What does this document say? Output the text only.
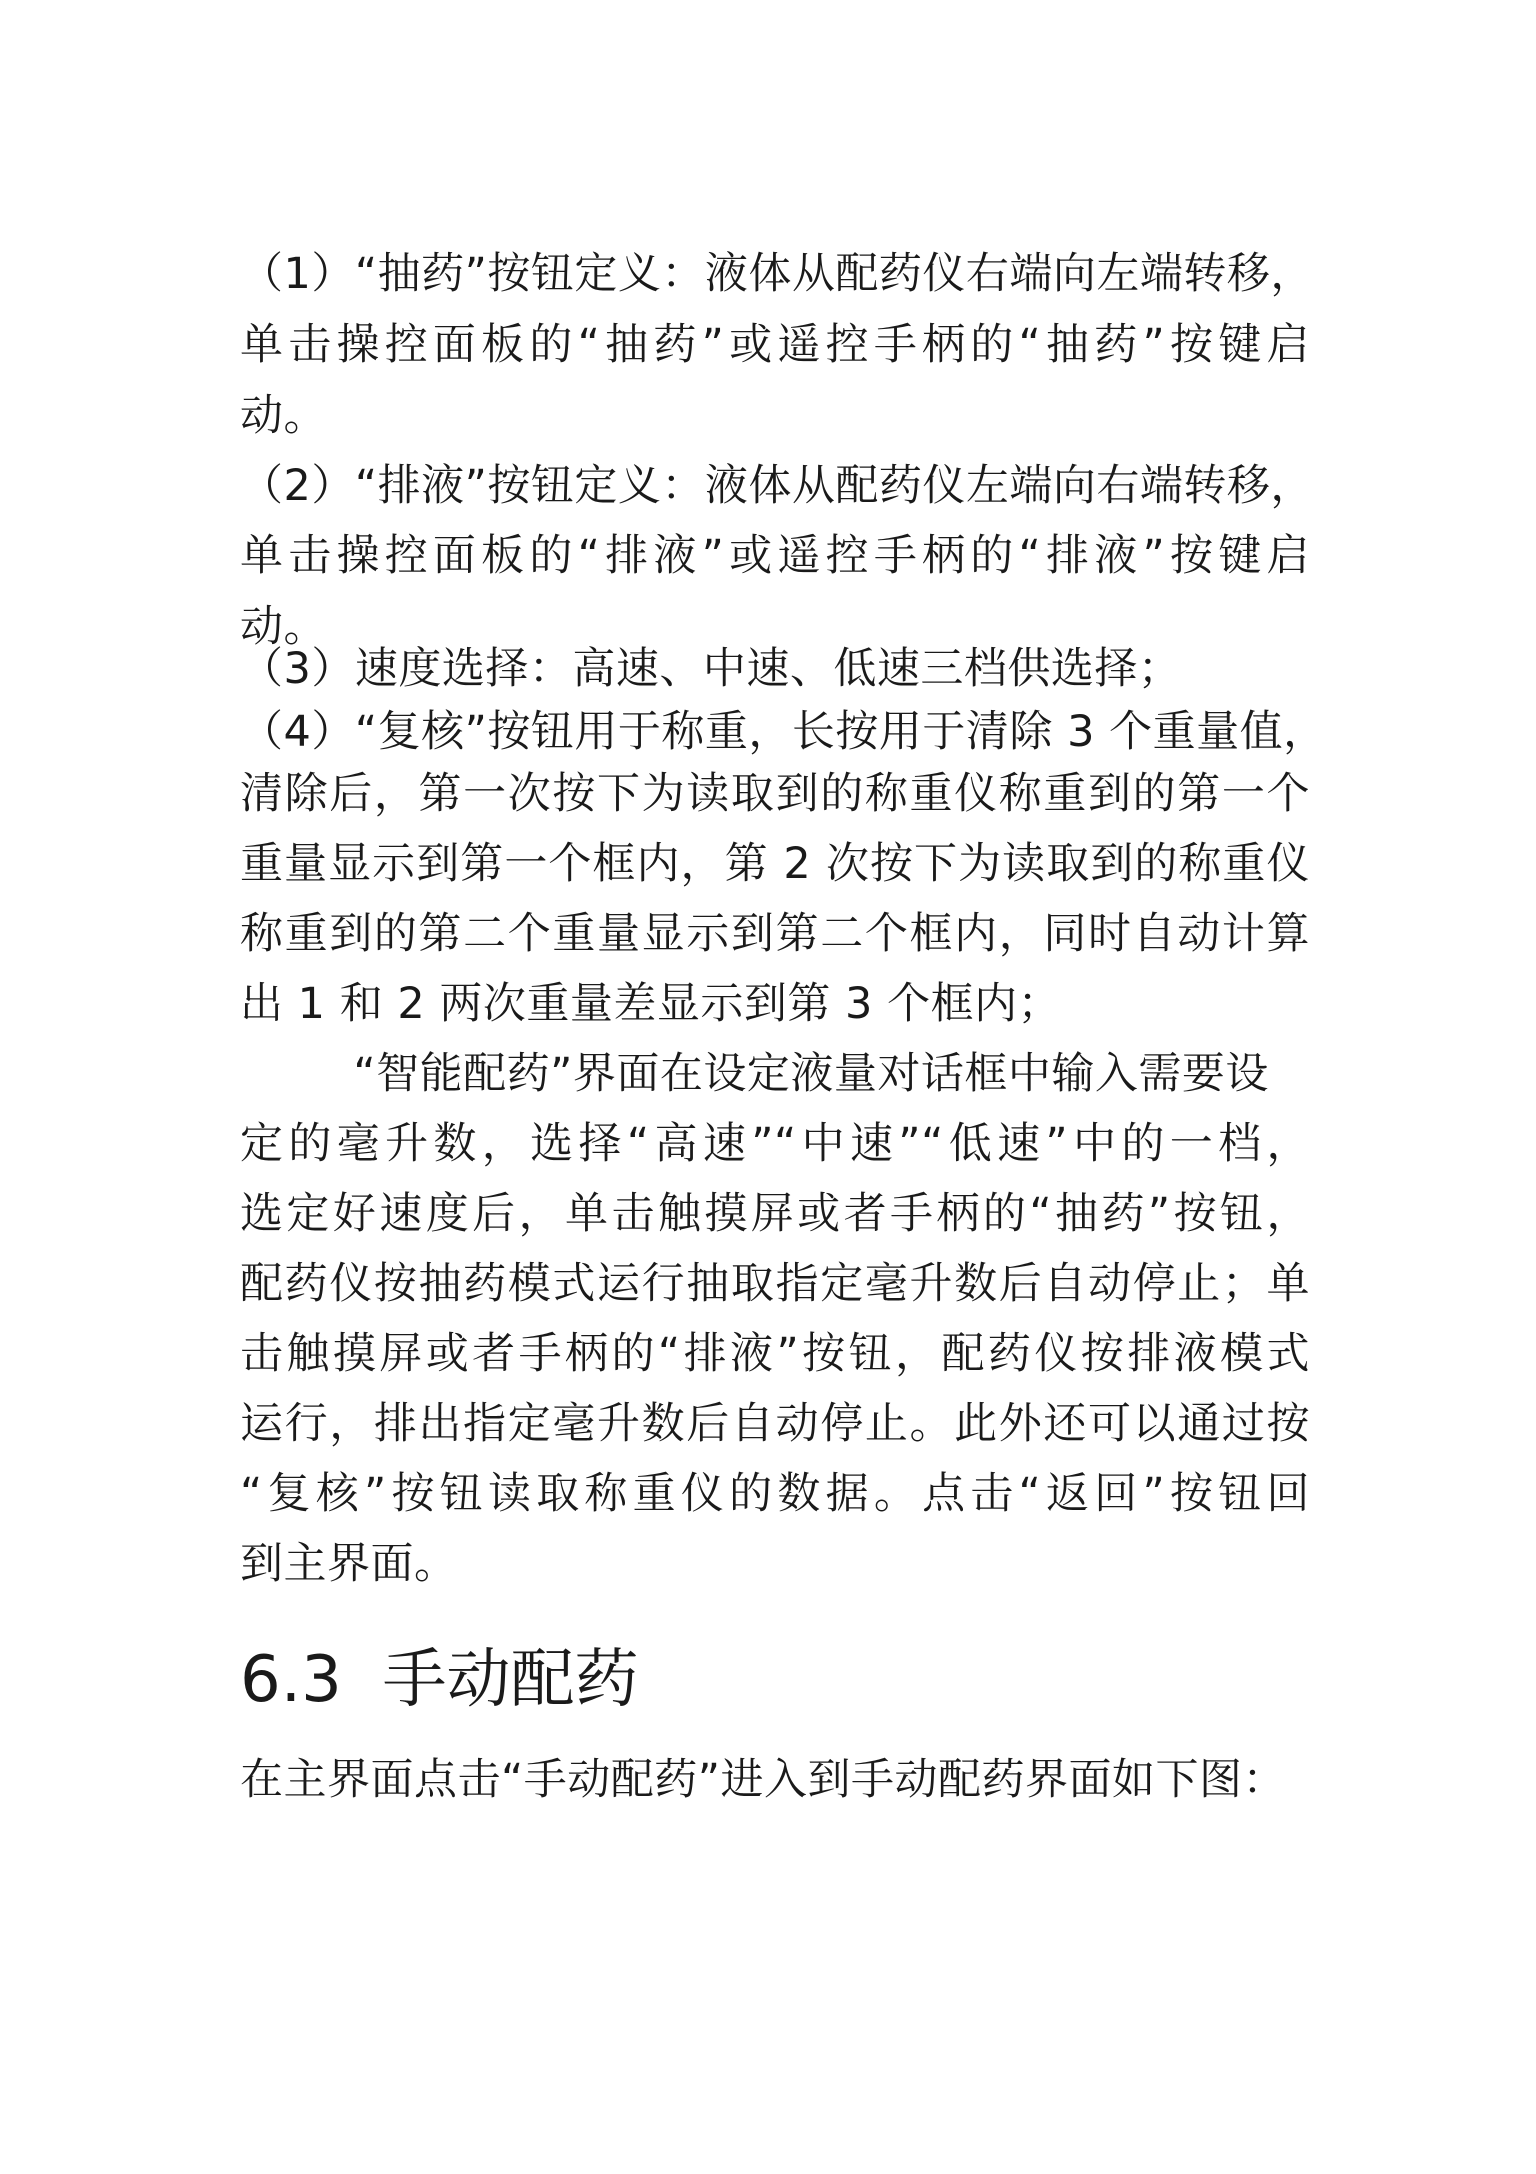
（1）“抽药”按钮定义：液体从配药仪右端向左端转移，
单击操控面板的“抽药”或遥控手柄的“抽药”按键启
动。
（2）“排液”按钮定义：液体从配药仪左端向右端转移，
单击操控面板的“排液”或遥控手柄的“排液”按键启
动。
（3）速度选择：高速、中速、低速三档供选择；
（4）“复核”按钮用于称重，长按用于清除 3 个重量值，
清除后，第一次按下为读取到的称重仪称重到的第一个
重量显示到第一个框内，第 2 次按下为读取到的称重仪
称重到的第二个重量显示到第二个框内，同时自动计算
出 1 和 2 两次重量差显示到第 3 个框内；
“智能配药”界面在设定液量对话框中输入需要设
定的毫升数，选择“高速”“中速”“低速”中的一档，
选定好速度后，单击触摸屏或者手柄的“抽药”按钮，
配药仪按抽药模式运行抽取指定毫升数后自动停止；单
击触摸屏或者手柄的“排液”按钮，配药仪按排液模式
运行，排出指定毫升数后自动停止。此外还可以通过按
“复核”按钮读取称重仪的数据。点击“返回”按钮回
到主界面。
6.3  手动配药
在主界面点击“手动配药”进入到手动配药界面如下图：
